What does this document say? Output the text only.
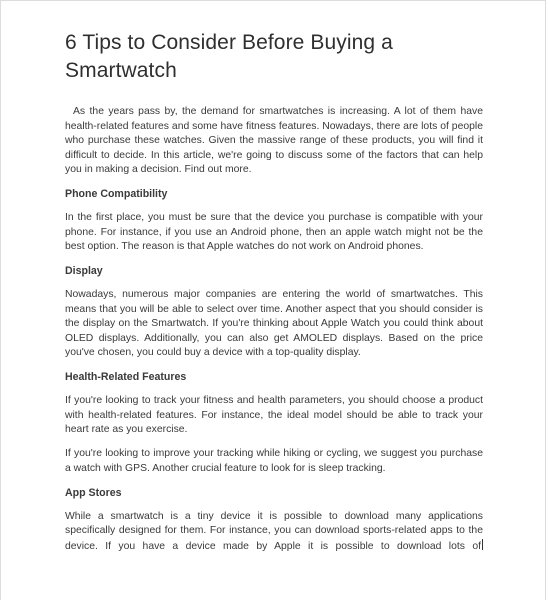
6 Tips to Consider Before Buying a Smartwatch

As the years pass by, the demand for smartwatches is increasing. A lot of them have health-related features and some have fitness features. Nowadays, there are lots of people who purchase these watches. Given the massive range of these products, you will find it difficult to decide. In this article, we're going to discuss some of the factors that can help you in making a decision. Find out more.

Phone Compatibility

In the first place, you must be sure that the device you purchase is compatible with your phone. For instance, if you use an Android phone, then an apple watch might not be the best option. The reason is that Apple watches do not work on Android phones.

Display

Nowadays, numerous major companies are entering the world of smartwatches. This means that you will be able to select over time. Another aspect that you should consider is the display on the Smartwatch. If you're thinking about Apple Watch you could think about OLED displays. Additionally, you can also get AMOLED displays. Based on the price you've chosen, you could buy a device with a top-quality display.

Health-Related Features

If you're looking to track your fitness and health parameters, you should choose a product with health-related features. For instance, the ideal model should be able to track your heart rate as you exercise.

If you're looking to improve your tracking while hiking or cycling, we suggest you purchase a watch with GPS. Another crucial feature to look for is sleep tracking.

App Stores

While a smartwatch is a tiny device it is possible to download many applications specifically designed for them. For instance, you can download sports-related apps to the device. If you have a device made by Apple it is possible to download lots of
